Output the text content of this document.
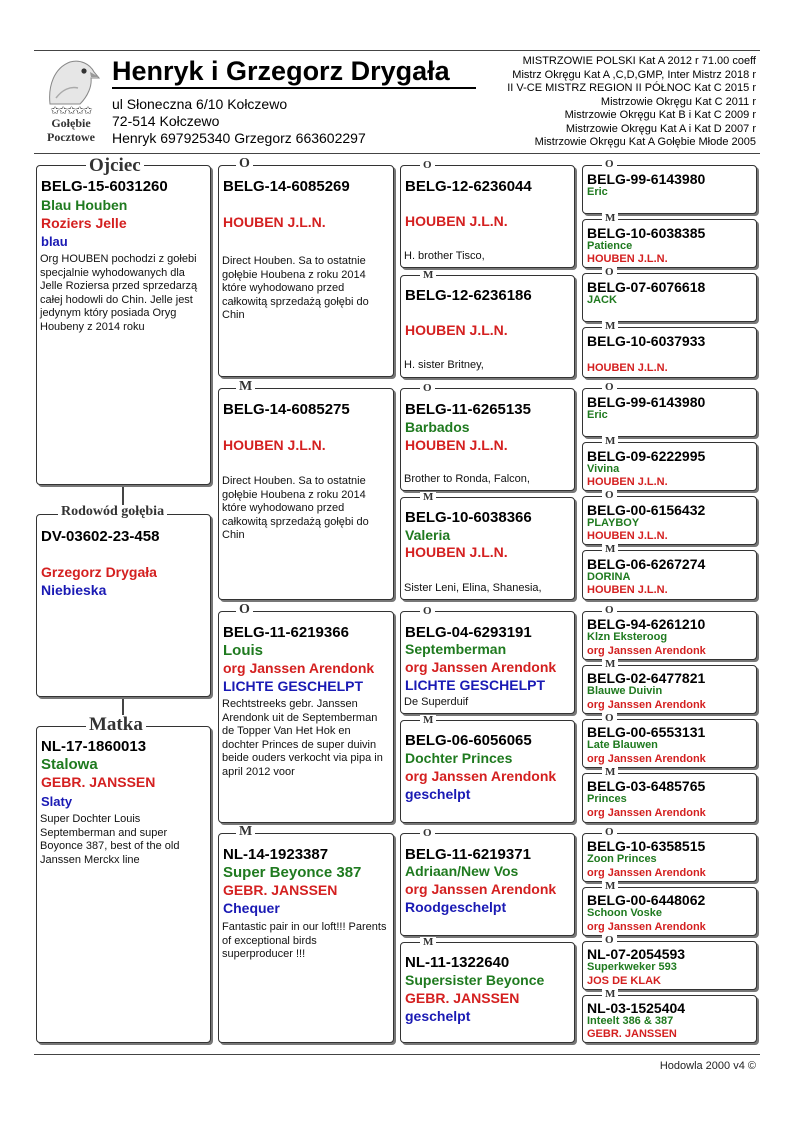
✩✩✩✩✩
Gołębie
Pocztowe
Henryk i Grzegorz Drygała
ul Słoneczna 6/10 Kołczewo
72-514 Kołczewo
Henryk 697925340 Grzegorz 663602297
MISTRZOWIE POLSKI Kat A 2012 r 71.00 coeff
Mistrz Okręgu Kat A ,C,D,GMP, Inter Mistrz 2018 r
II V-CE MISTRZ REGION II PÓŁNOC Kat C 2015 r
Mistrzowie Okręgu Kat C 2011 r
Mistrzowie Okręgu Kat B i Kat C 2009 r
Mistrzowie Okręgu Kat A i Kat D 2007 r
Mistrzowie Okręgu Kat A Gołębie Młode 2005
BELG-15-6031260
Blau Houben
Roziers Jelle
blau
Org HOUBEN pochodzi z gołebi specjalnie wyhodowanych dla Jelle Roziersa przed sprzedarzą całej hodowli do Chin. Jelle jest jedynym który posiada Oryg Houbeny z 2014 roku
Ojciec
DV-03602-23-458
Grzegorz Drygała
Niebieska
Rodowód gołębia
NL-17-1860013
Stalowa
GEBR. JANSSEN
Slaty
Super Dochter Louis Septemberman and super Boyonce 387, best of the old Janssen Merckx line
Matka
BELG-14-6085269
HOUBEN J.L.N.
Direct Houben. Sa to ostatnie gołębie Houbena z roku 2014 które wyhodowano przed całkowitą sprzedażą gołębi do Chin
O
BELG-14-6085275
HOUBEN J.L.N.
Direct Houben. Sa to ostatnie gołębie Houbena z roku 2014 które wyhodowano przed całkowitą sprzedażą gołębi do Chin
M
BELG-11-6219366
Louis
org Janssen Arendonk
LICHTE GESCHELPT
Rechtstreeks gebr. Janssen Arendonk uit de Septemberman de Topper Van Het Hok en dochter Princes de super duivin beide ouders verkocht via pipa in april 2012 voor
O
NL-14-1923387
Super Beyonce 387
GEBR. JANSSEN
Chequer
Fantastic pair in our loft!!! Parents of exceptional birds superproducer !!!
M
BELG-12-6236044
HOUBEN J.L.N.
H. brother Tisco,
O
BELG-12-6236186
HOUBEN J.L.N.
H. sister Britney,
M
BELG-11-6265135
Barbados
HOUBEN J.L.N.
Brother to Ronda, Falcon,
O
BELG-10-6038366
Valeria
HOUBEN J.L.N.
Sister Leni, Elina, Shanesia,
M
BELG-04-6293191
Septemberman
org Janssen Arendonk
LICHTE GESCHELPT
De Superduif
O
BELG-06-6056065
Dochter Princes
org Janssen Arendonk
geschelpt
M
BELG-11-6219371
Adriaan/New Vos
org Janssen Arendonk
Roodgeschelpt
O
NL-11-1322640
Supersister Beyonce
GEBR. JANSSEN
geschelpt
M
BELG-99-6143980
Eric
O
BELG-10-6038385
Patience
HOUBEN J.L.N.
M
BELG-07-6076618
JACK
O
BELG-10-6037933
HOUBEN J.L.N.
M
BELG-99-6143980
Eric
O
BELG-09-6222995
Vivina
HOUBEN J.L.N.
M
BELG-00-6156432
PLAYBOY
HOUBEN J.L.N.
O
BELG-06-6267274
DORINA
HOUBEN J.L.N.
M
BELG-94-6261210
Klzn Eksteroog
org Janssen Arendonk
O
BELG-02-6477821
Blauwe Duivin
org Janssen Arendonk
M
BELG-00-6553131
Late Blauwen
org Janssen Arendonk
O
BELG-03-6485765
Princes
org Janssen Arendonk
M
BELG-10-6358515
Zoon Princes
org Janssen Arendonk
O
BELG-00-6448062
Schoon Voske
org Janssen Arendonk
M
NL-07-2054593
Superkweker 593
JOS DE KLAK
O
NL-03-1525404
Inteelt 386 & 387
GEBR. JANSSEN
M
Hodowla 2000 v4 ©
